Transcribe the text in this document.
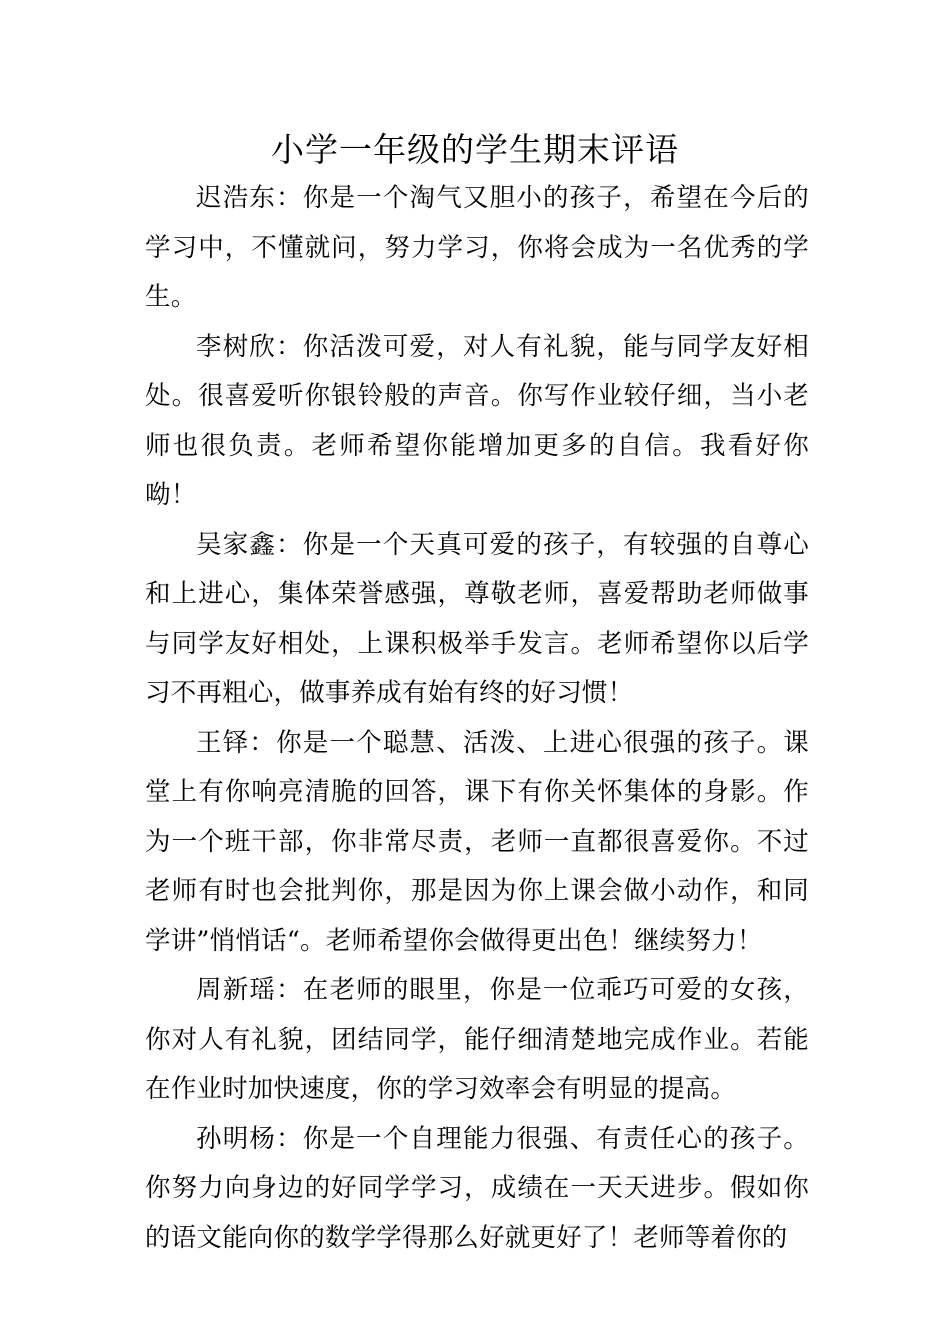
小学一年级的学生期末评语

迟浩东：你是一个淘气又胆小的孩子，希望在今后的学习中，不懂就问，努力学习，你将会成为一名优秀的学生。

李树欣：你活泼可爱，对人有礼貌，能与同学友好相处。很喜爱听你银铃般的声音。你写作业较仔细，当小老师也很负责。老师希望你能增加更多的自信。我看好你呦！

吴家鑫：你是一个天真可爱的孩子，有较强的自尊心和上进心，集体荣誉感强，尊敬老师，喜爱帮助老师做事与同学友好相处，上课积极举手发言。老师希望你以后学习不再粗心，做事养成有始有终的好习惯！

王铎：你是一个聪慧、活泼、上进心很强的孩子。课堂上有你响亮清脆的回答，课下有你关怀集体的身影。作为一个班干部，你非常尽责，老师一直都很喜爱你。不过老师有时也会批判你，那是因为你上课会做小动作，和同学讲”悄悄话“。老师希望你会做得更出色！继续努力！

周新瑶：在老师的眼里，你是一位乖巧可爱的女孩，你对人有礼貌，团结同学，能仔细清楚地完成作业。若能在作业时加快速度，你的学习效率会有明显的提高。

孙明杨：你是一个自理能力很强、有责任心的孩子。你努力向身边的好同学学习，成绩在一天天进步。假如你的语文能向你的数学学得那么好就更好了！老师等着你的
